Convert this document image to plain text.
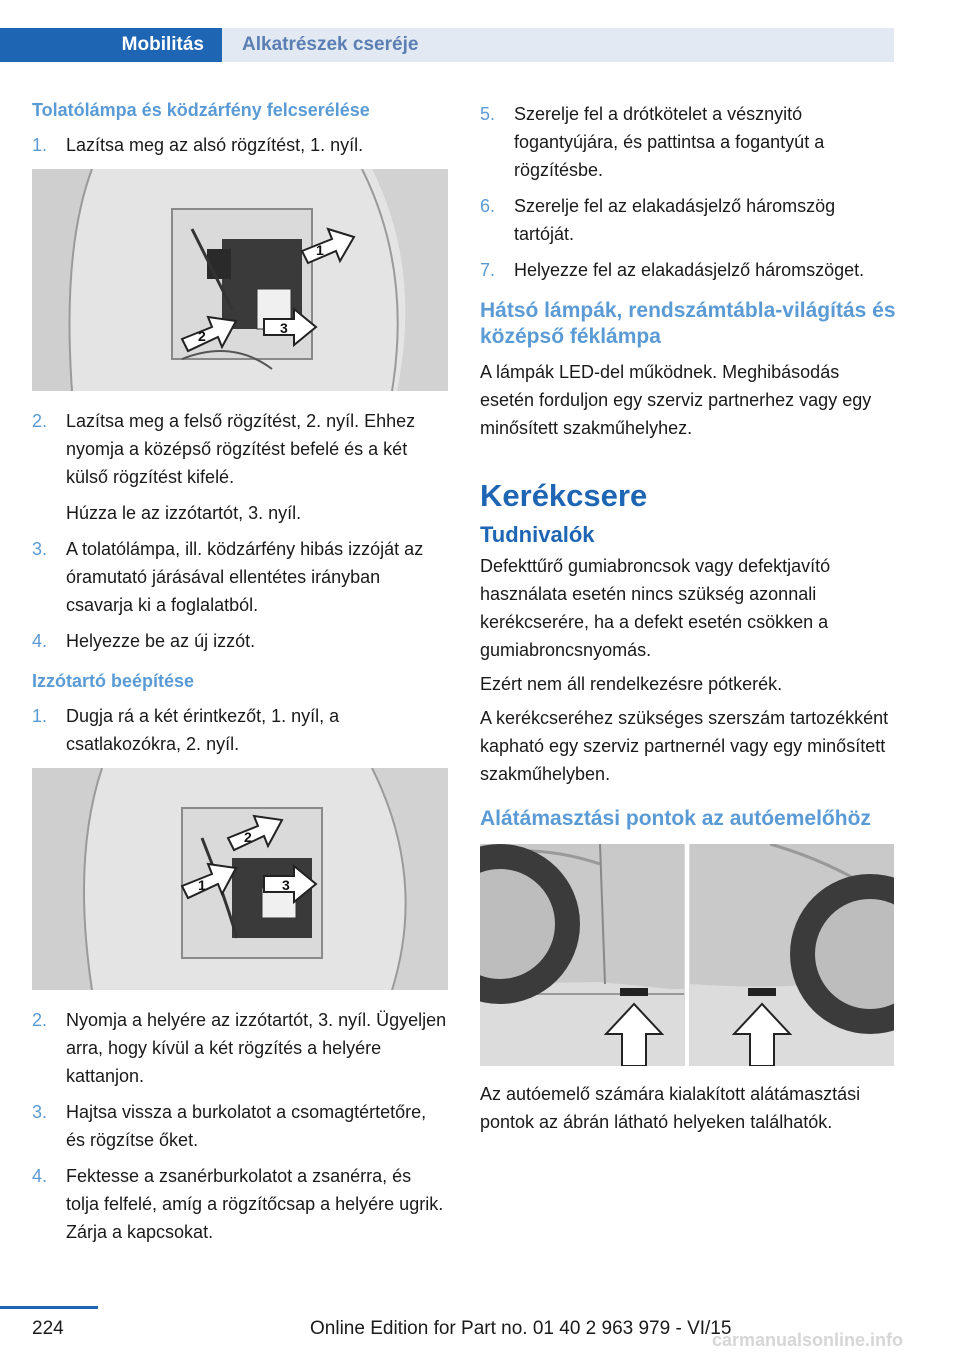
Mobilitás	Alkatrészek cseréje
Tolatólámpa és ködzárfény felcserélése
1.	Lazítsa meg az alsó rögzítést, 1. nyíl.
1
2	3
2.	Lazítsa meg a felső rögzítést, 2. nyíl. Ehhez nyomja a középső rögzítést befelé és a két külső rögzítést kifelé.

Húzza le az izzótartót, 3. nyíl.

3.	A tolatólámpa, ill. ködzárfény hibás izzóját az óramutató járásával ellentétes irányban csavarja ki a foglalatból.
4.	Helyezze be az új izzót.
Izzótartó beépítése
1.	Dugja rá a két érintkezőt, 1. nyíl, a csatlakozókra, 2. nyíl.
1
2
3
2.	Nyomja a helyére az izzótartót, 3. nyíl. Ügyeljen arra, hogy kívül a két rögzítés a helyére kattanjon.
3.	Hajtsa vissza a burkolatot a csomagtértetőre, és rögzítse őket.
4.	Fektesse a zsanérburkolatot a zsanérra, és tolja felfelé, amíg a rögzítőcsap a helyére ugrik. Zárja a kapcsokat.
5.	Szerelje fel a drótkötelet a vésznyitó fogantyújára, és pattintsa a fogantyút a rögzítésbe.
6.	Szerelje fel az elakadásjelző háromszög tartóját.
7.	Helyezze fel az elakadásjelző háromszöget.
Hátsó lámpák, rendszámtábla-világítás és középső féklámpa

A lámpák LED-del működnek. Meghibásodás esetén forduljon egy szerviz partnerhez vagy egy minősített szakműhelyhez.

Kerékcsere
Tudnivalók

Defekttűrő gumiabroncsok vagy defektjavító használata esetén nincs szükség azonnali kerékcserére, ha a defekt esetén csökken a gumiabroncsnyomás.

Ezért nem áll rendelkezésre pótkerék.

A kerékcseréhez szükséges szerszám tartozékként kapható egy szerviz partnernél vagy egy minősített szakműhelyben.

Alátámasztási pontok az autóemelőhöz

Az autóemelő számára kialakított alátámasztási pontok az ábrán látható helyeken találhatók.

224	Online Edition for Part no. 01 40 2 963 979 - VI/15
carmanualsonline.info
